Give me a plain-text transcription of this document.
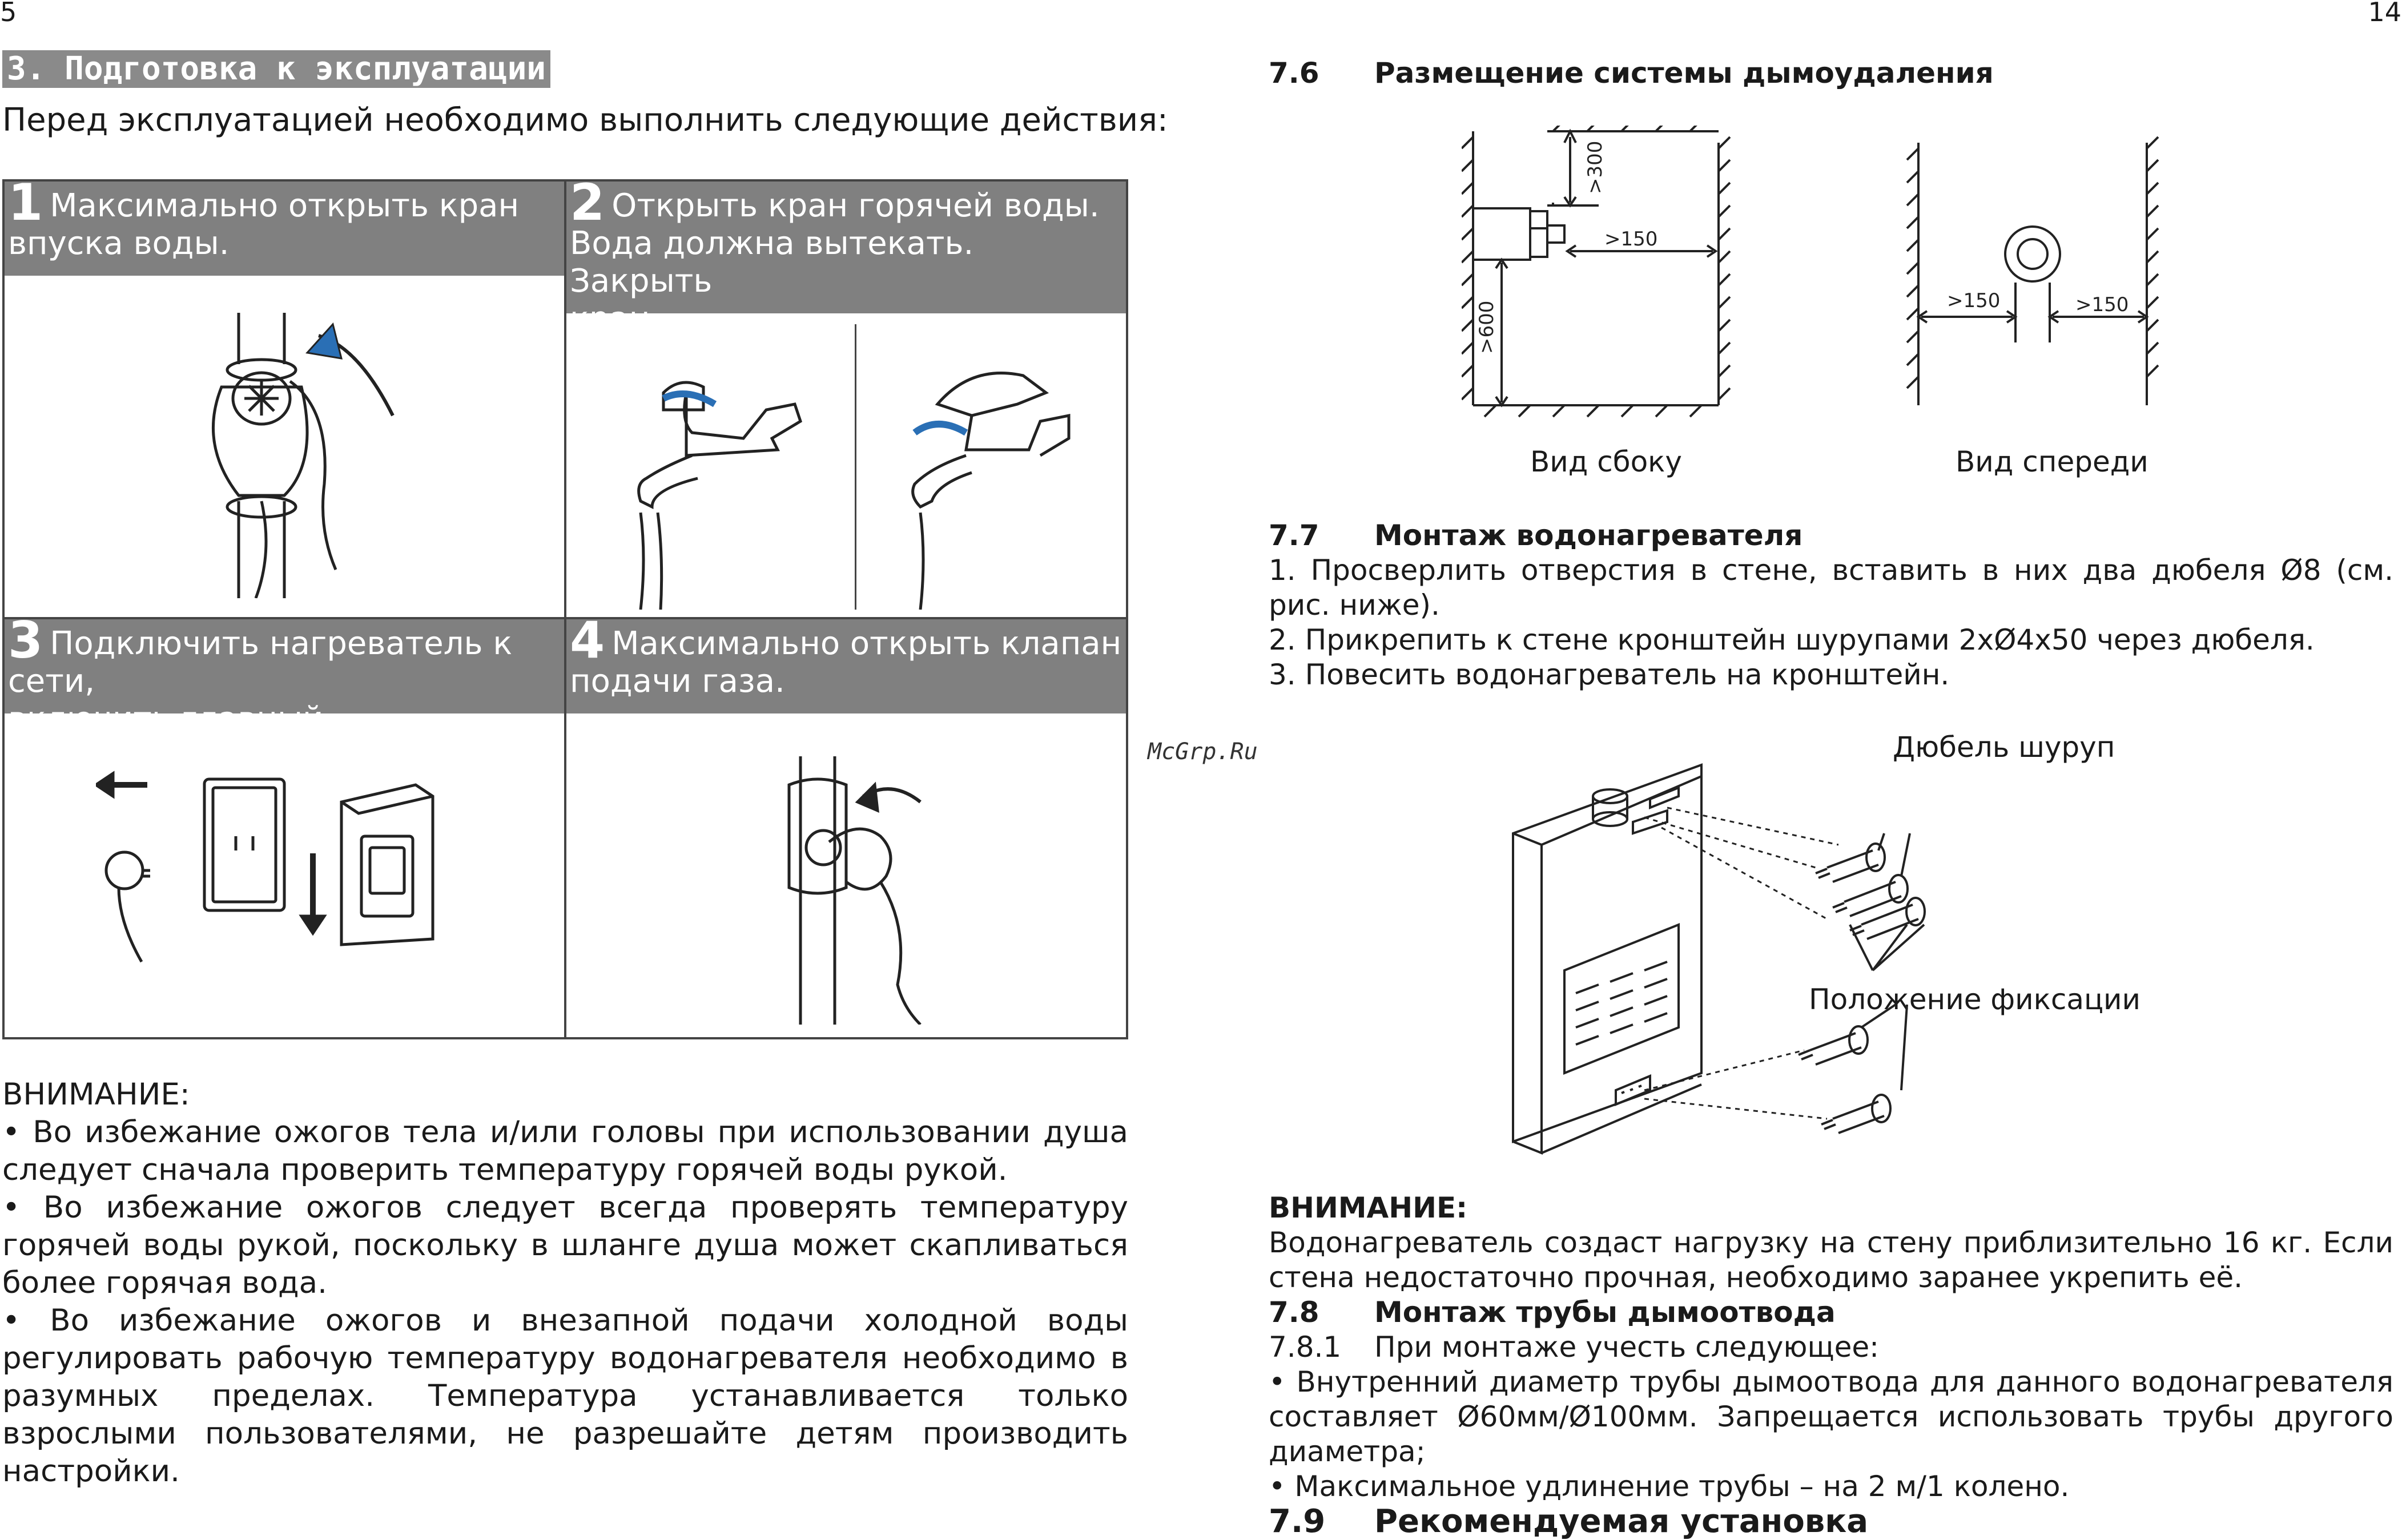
5	14
3. Подготовка к эксплуатации
Перед эксплуатацией необходимо выполнить следующие действия:
1 Максимально открыть кран
впуска воды.
2 Открыть кран горячей воды.
Вода должна вытекать. Закрыть
кран.
3 Подключить нагреватель к сети,
включить главный выключатель.
4 Максимально открыть клапан
подачи газа.

ВНИМАНИЕ:

• Во избежание ожогов тела и/или головы при использовании душа следует сначала проверить температуру горячей воды рукой.

• Во избежание ожогов следует всегда проверять температуру горячей воды рукой, поскольку в шланге душа может скапливаться более горячая вода.

• Во избежание ожогов и внезапной подачи холодной воды регулировать рабочую температуру водонагревателя необходимо в разумных пределах. Температура устанавливается только взрослыми пользователями, не разрешайте детям производить настройки.

McGrp.Ru
7.6 Размещение системы дымоудаления
>300
>150
>600	>150	>150
Вид сбоку	Вид спереди
7.7 Монтаж водонагревателя

1. Просверлить отверстия в стене, вставить в них два дюбеля Ø8 (см. рис. ниже).

2. Прикрепить к стене кронштейн шурупами 2хØ4х50 через дюбеля.

3. Повесить водонагреватель на кронштейн.

Дюбель шуруп
Положение фиксации
ВНИМАНИЕ:

Водонагреватель создаст нагрузку на стену приблизительно 16 кг. Если стена недостаточно прочная, необходимо заранее укрепить её.

7.8 Монтаж трубы дымоотвода
7.8.1 При монтаже учесть следующее:

• Внутренний диаметр трубы дымоотвода для данного водонагревателя составляет Ø60мм/Ø100мм. Запрещается использовать трубы другого диаметра;

• Максимальное удлинение трубы – на 2 м/1 колено.

7.9 Рекомендуемая установка
